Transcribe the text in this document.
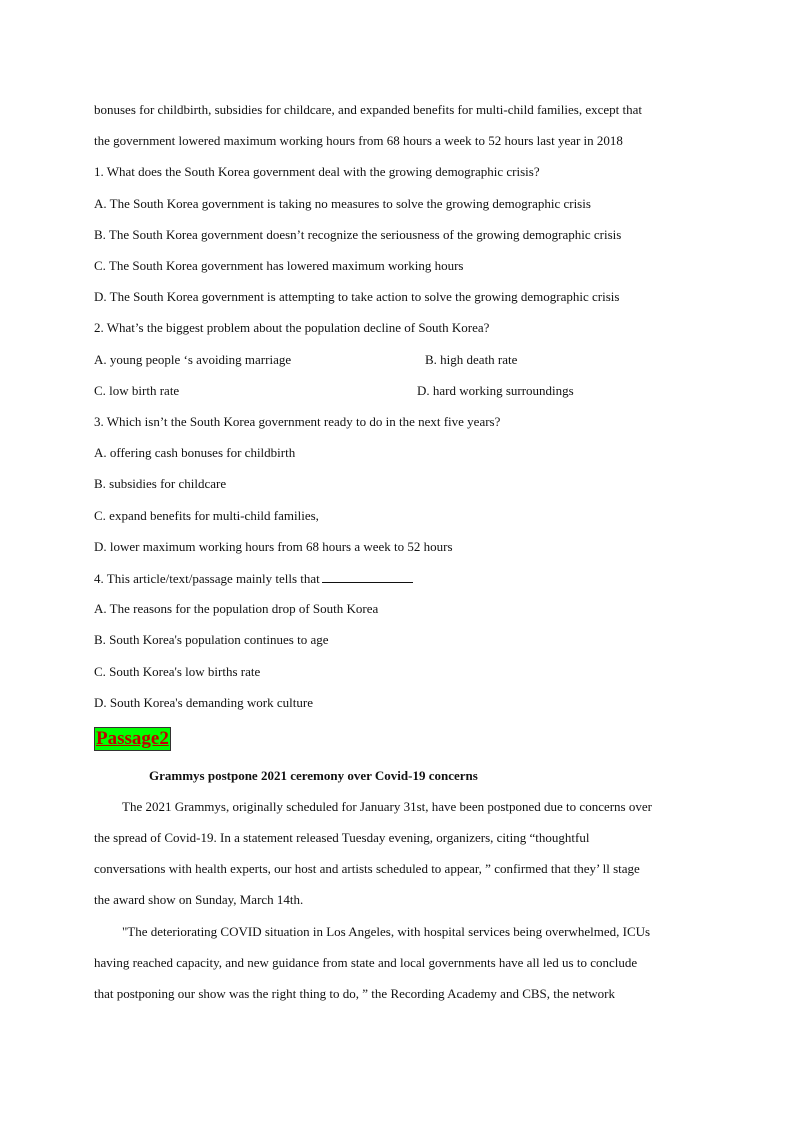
bonuses for childbirth, subsidies for childcare, and expanded benefits for multi-child families, except that
the government lowered maximum working hours from 68 hours a week to 52 hours last year in 2018
1. What does the South Korea government deal with the growing demographic crisis?
A. The South Korea government is taking no measures to solve the growing demographic crisis
B. The South Korea government doesn’t recognize the seriousness of the growing demographic crisis
C. The South Korea government has lowered maximum working hours
D. The South Korea government is attempting to take action to solve the growing demographic crisis
2. What’s the biggest problem about the population decline of South Korea?
A. young people ‘s avoiding marriage	B. high death rate
C. low birth rate	D. hard working surroundings
3. Which isn’t the South Korea government ready to do in the next five years?
A. offering cash bonuses for childbirth
B. subsidies for childcare
C. expand benefits for multi-child families,
D. lower maximum working hours from 68 hours a week to 52 hours
4. This article/text/passage mainly tells that
A. The reasons for the population drop of South Korea
B. South Korea's population continues to age
C. South Korea's low births rate
D. South Korea's demanding work culture
Passage2
Grammys postpone 2021 ceremony over Covid-19 concerns
The 2021 Grammys, originally scheduled for January 31st, have been postponed due to concerns over
the spread of Covid-19. In a statement released Tuesday evening, organizers, citing “thoughtful
conversations with health experts, our host and artists scheduled to appear, ” confirmed that they’ ll stage
the award show on Sunday, March 14th.
"The deteriorating COVID situation in Los Angeles, with hospital services being overwhelmed, ICUs
having reached capacity, and new guidance from state and local governments have all led us to conclude
that postponing our show was the right thing to do, ” the Recording Academy and CBS, the network
